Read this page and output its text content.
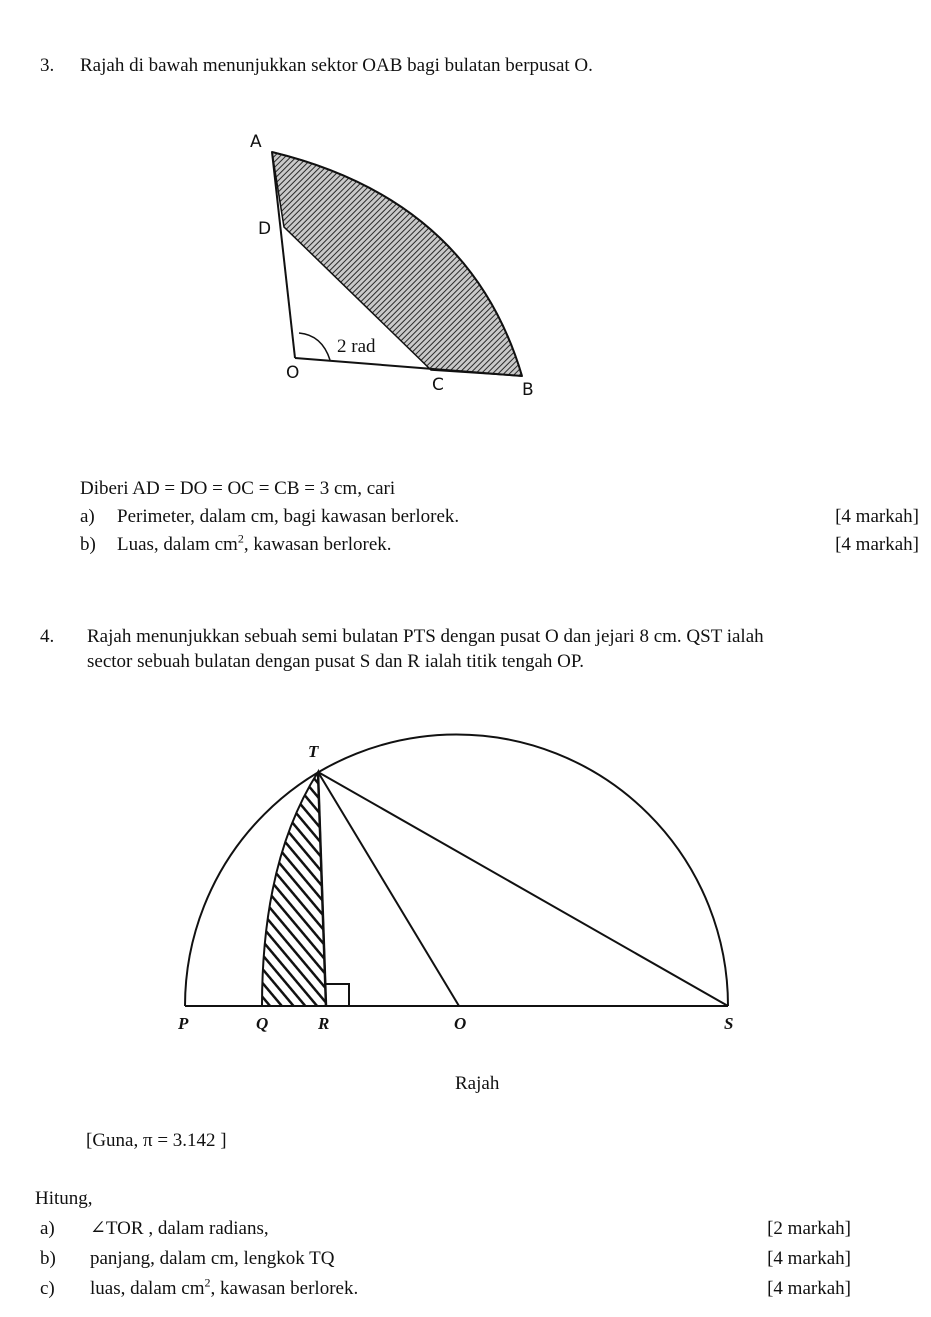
3. Rajah di bawah menunjukkan sektor OAB bagi bulatan berpusat O.
A
D
2 rad
O
C	B
Diberi AD = DO = OC = CB = 3 cm, cari
a) Perimeter, dalam cm, bagi kawasan berlorek.	[4 markah]
b) Luas, dalam $cm^2$, kawasan berlorek.	[4 markah]
4. Rajah menunjukkan sebuah semi bulatan PTS dengan pusat O dan jejari 8 cm. QST ialah
sector sebuah bulatan dengan pusat S dan R ialah titik tengah OP.
T
P	Q	R	O	S
Rajah
[Guna, π = 3.142 ]
Hitung,
a) ∠TOR , dalam radians,	[2 markah]
b) panjang, dalam cm, lengkok TQ	[4 markah]
c) luas, dalam $cm^2$, kawasan berlorek.	[4 markah]
